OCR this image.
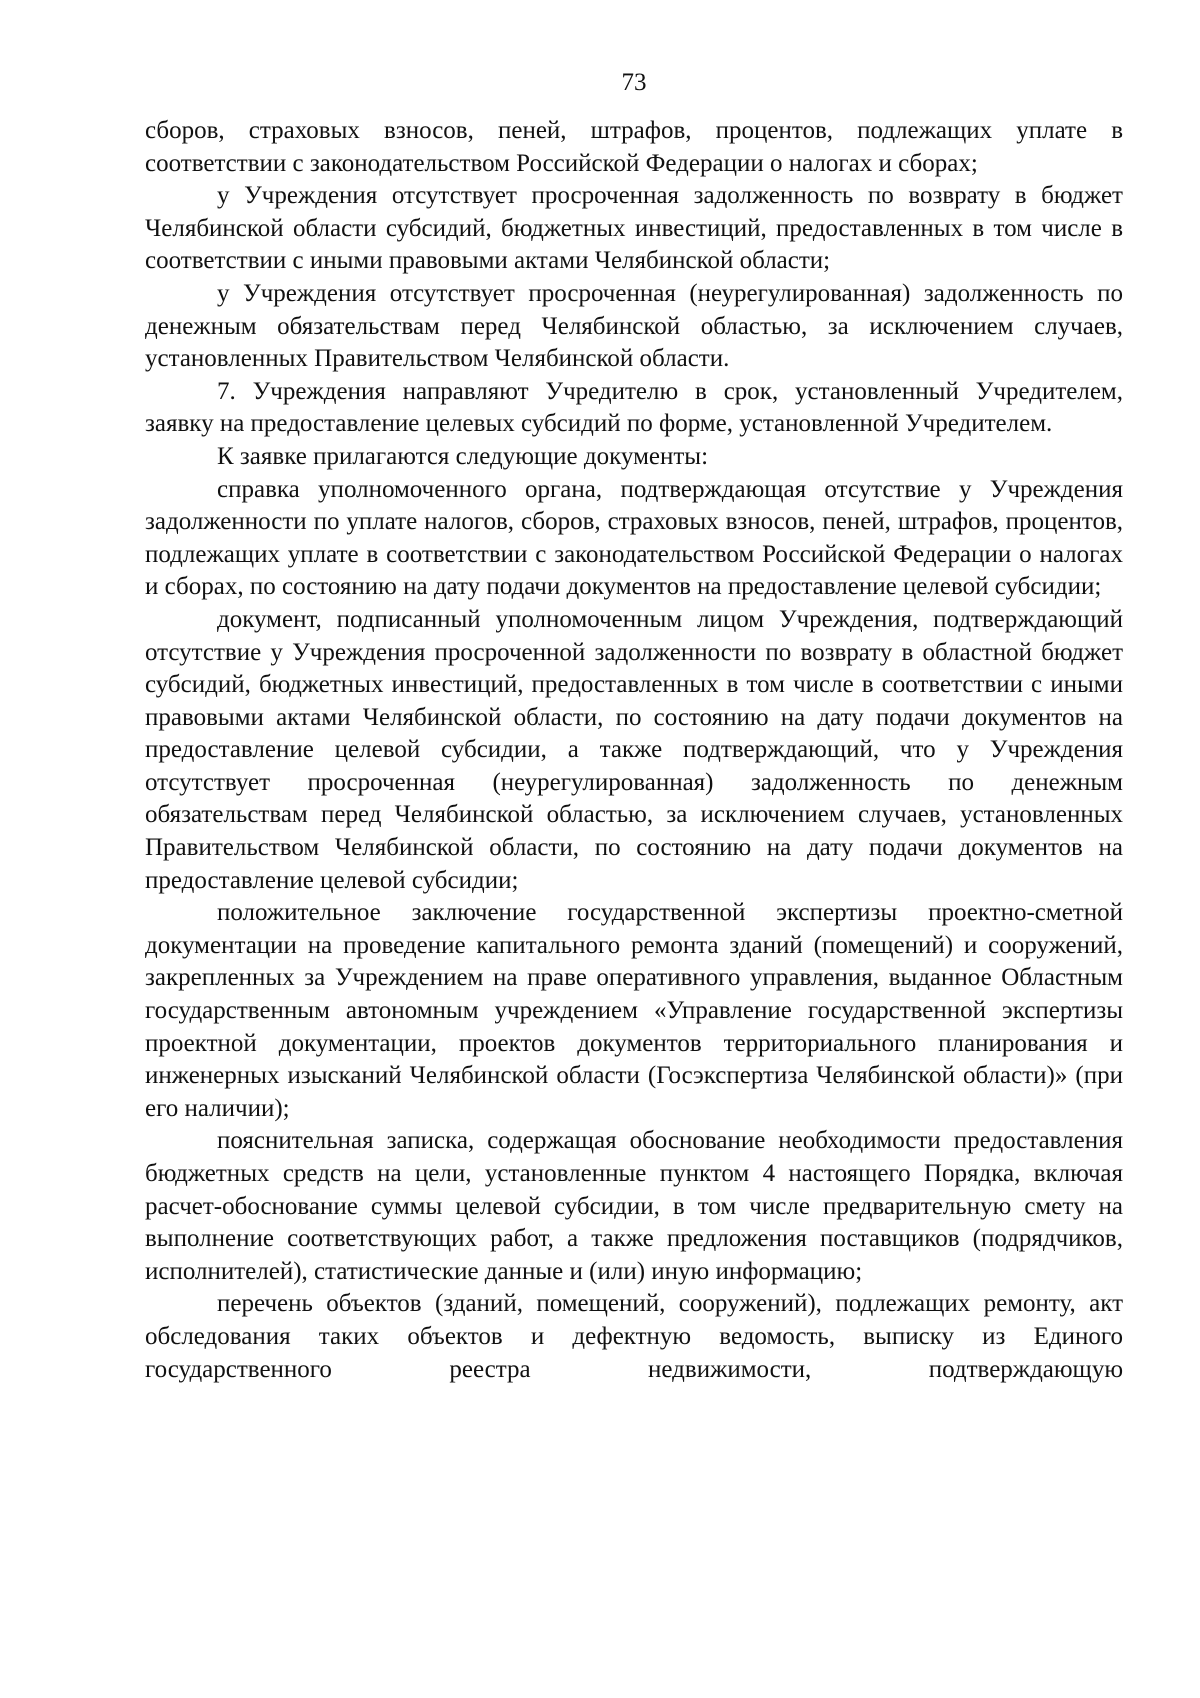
73

сборов, страховых взносов, пеней, штрафов, процентов, подлежащих уплате в соответствии с законодательством Российской Федерации о налогах и сборах;

у Учреждения отсутствует просроченная задолженность по возврату в бюджет Челябинской области субсидий, бюджетных инвестиций, предоставленных в том числе в соответствии с иными правовыми актами Челябинской области;

у Учреждения отсутствует просроченная (неурегулированная) задолженность по денежным обязательствам перед Челябинской областью, за исключением случаев, установленных Правительством Челябинской области.

7. Учреждения направляют Учредителю в срок, установленный Учредителем, заявку на предоставление целевых субсидий по форме, установленной Учредителем.

К заявке прилагаются следующие документы:

справка уполномоченного органа, подтверждающая отсутствие у Учреждения задолженности по уплате налогов, сборов, страховых взносов, пеней, штрафов, процентов, подлежащих уплате в соответствии с законодательством Российской Федерации о налогах и сборах, по состоянию на дату подачи документов на предоставление целевой субсидии;

документ, подписанный уполномоченным лицом Учреждения, подтверждающий отсутствие у Учреждения просроченной задолженности по возврату в областной бюджет субсидий, бюджетных инвестиций, предоставленных в том числе в соответствии с иными правовыми актами Челябинской области, по состоянию на дату подачи документов на предоставление целевой субсидии, а также подтверждающий, что у Учреждения отсутствует просроченная (неурегулированная) задолженность по денежным обязательствам перед Челябинской областью, за исключением случаев, установленных Правительством Челябинской области, по состоянию на дату подачи документов на предоставление целевой субсидии;

положительное заключение государственной экспертизы проектно-сметной документации на проведение капитального ремонта зданий (помещений) и сооружений, закрепленных за Учреждением на праве оперативного управления, выданное Областным государственным автономным учреждением «Управление государственной экспертизы проектной документации, проектов документов территориального планирования и инженерных изысканий Челябинской области (Госэкспертиза Челябинской области)» (при его наличии);

пояснительная записка, содержащая обоснование необходимости предоставления бюджетных средств на цели, установленные пунктом 4 настоящего Порядка, включая расчет-обоснование суммы целевой субсидии, в том числе предварительную смету на выполнение соответствующих работ, а также предложения поставщиков (подрядчиков, исполнителей), статистические данные и (или) иную информацию;

перечень объектов (зданий, помещений, сооружений), подлежащих ремонту, акт обследования таких объектов и дефектную ведомость, выписку из Единого государственного реестра недвижимости, подтверждающую
